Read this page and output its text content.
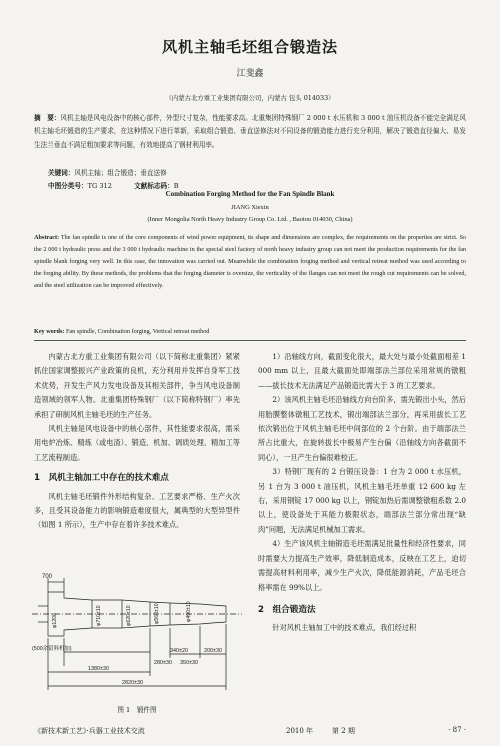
风机主轴毛坯组合锻造法
江斐鑫
（内蒙古北方重工业集团有限公司，内蒙古 包头 014033）
摘　要：风机主轴是风电设备中的核心部件，外型尺寸复杂，性能要求高。北重集团特殊钢厂 2 000 t 水压机和 3 000 t 油压机设备不能完全满足风机主轴毛坯锻造的生产要求，在这种情况下进行革新，采取组合锻造、垂直送修法对不同设备的锻造能力进行充分利用，解决了锻造直径偏大、易发生法兰垂直不满足粗加要求等问题，有效地提高了钢材利用率。
关键词：风机主轴；组合锻造；垂直送修
中图分类号：TG 312	文献标志码：B
Combination Forging Method for the Fan Spindle Blank
JIANG Xiexin
(Inner Mongolia North Heavy Industry Group Co. Ltd. , Baotou 014030, China)
Abstract: The fan spindle is one of the core components of wind power equipment, its shape and dimensions are complex, the requirements on the properties are strict. So the 2 000 t hydraulic press and the 3 000 t hydraulic machine in the special steel factory of north heavy industry group can not meet the production requirements for the fan spindle blank forging very well. In this case, the innovation was carried out. Meanwhile the combination forging method and vertical retreat method was used according to the forging ability. By these methods, the problems that the forging diameter is oversize, the verticality of the flanges can not meet the rough cut requirements can be solved, and the steel utilization can be improved effectively.
Key words: Fan spindle, Combination forging, Vertical retreat method

内蒙古北方重工业集团有限公司（以下简称北重集团）紧紧抓住国家调整振兴产业政策的良机，充分利用并发挥自身军工技术优势，开发生产风力发电设备及其相关部件，争当风电设备制造领域的领军人物。北重集团特殊钢厂（以下简称特钢厂）率先承担了研制风机主轴毛坯的生产任务。

风机主轴是风电设备中的核心部件，其性能要求很高，需采用电炉冶炼、精炼（或电渣）、锻造、机加、调质处理、精加工等工艺流程制造。

1　风机主轴加工中存在的技术难点

风机主轴毛坯锻件外形结构复杂、工艺要求严格、生产火次多，且受其设备能力的影响锻造难度很大，属典型的大型异型件（如图 1 所示），生产中存在着许多技术难点。

700
(500余留料机加)
φ1200	φ710±10	φ620±10	φ560±10	φ490±10
340±20	200±30
280±30 350±30
1380±30
2820±30
图 1　锻件图

1）沿轴线方向，截面变化很大，最大处与最小处截面相差 1 000 mm 以上，且最大截面处即端部法兰部位采用常规的镦粗——拔长技术无法满足产品锻造比需大于 3 的工艺要求。

2）该风机主轴毛坯沿轴线方向台阶多，需先锻出小头，然后用胎膜整体镦粗工艺技术，锻出端部法兰部分，再采用拔长工艺依次锻出位于风机主轴毛坯中间部位的 2 个台阶。由于端部法兰所占比重大，在旋转拔长中极易产生台偏（沿轴线方向各截面不同心），一旦产生台偏很难校正。

3）特钢厂现有的 2 台锻压设备：1 台为 2 000 t 水压机，另 1 台为 3 000 t 油压机，风机主轴毛坯单重 12 600 kg 左右，采用钢锭 17 000 kg 以上，钢锭加热后需调整镦粗系数 2.0 以上，使设备处于其能力极限状态，端部法兰部分常出现“缺肉”问题，无法满足机械加工需求。

4）生产该风机主轴锻造毛坯需满足批量性和经济性要求，同时需要大力提高生产效率，降低制造成本，反映在工艺上，迫切需提高材料利用率，减少生产火次，降低能源消耗，产品毛坯合格率需在 99%以上。

2　组合锻造法

针对风机主轴加工中的技术难点，我们经过积

《新技术新工艺》·兵器工业技术交流	2010 年	第 2 期	· 87 ·
